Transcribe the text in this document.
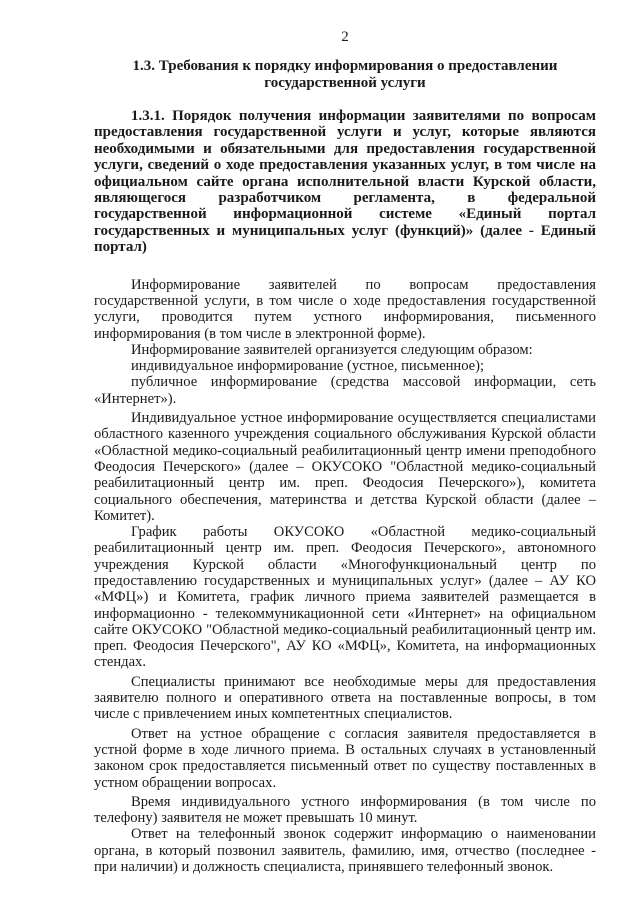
2
1.3. Требования к порядку информирования о предоставлении государственной услуги
1.3.1. Порядок получения информации заявителями по вопросам предоставления государственной услуги и услуг, которые являются необходимыми и обязательными для предоставления государственной услуги, сведений о ходе предоставления указанных услуг, в том числе на официальном сайте органа исполнительной власти Курской области, являющегося разработчиком регламента, в федеральной государственной информационной системе «Единый портал государственных и муниципальных услуг (функций)» (далее - Единый портал)

Информирование заявителей по вопросам предоставления государственной услуги, в том числе о ходе предоставления государственной услуги, проводится путем устного информирования, письменного информирования (в том числе в электронной форме).

Информирование заявителей организуется следующим образом:

индивидуальное информирование (устное, письменное);

публичное информирование (средства массовой информации, сеть «Интернет»).

Индивидуальное устное информирование осуществляется специалистами областного казенного учреждения социального обслуживания Курской области «Областной медико-социальный реабилитационный центр имени преподобного Феодосия Печерского» (далее – ОКУСОКО "Областной медико-социальный реабилитационный центр им. преп. Феодосия Печерского»), комитета социального обеспечения, материнства и детства Курской области (далее – Комитет).

График работы ОКУСОКО «Областной медико-социальный реабилитационный центр им. преп. Феодосия Печерского», автономного учреждения Курской области «Многофункциональный центр по предоставлению государственных и муниципальных услуг» (далее – АУ КО «МФЦ») и Комитета, график личного приема заявителей размещается в информационно - телекоммуникационной сети «Интернет» на официальном сайте ОКУСОКО "Областной медико-социальный реабилитационный центр им. преп. Феодосия Печерского", АУ КО «МФЦ», Комитета, на информационных стендах.

Специалисты принимают все необходимые меры для предоставления заявителю полного и оперативного ответа на поставленные вопросы, в том числе с привлечением иных компетентных специалистов.

Ответ на устное обращение с согласия заявителя предоставляется в устной форме в ходе личного приема. В остальных случаях в установленный законом срок предоставляется письменный ответ по существу поставленных в устном обращении вопросах.

Время индивидуального устного информирования (в том числе по телефону) заявителя не может превышать 10 минут.

Ответ на телефонный звонок содержит информацию о наименовании органа, в который позвонил заявитель, фамилию, имя, отчество (последнее - при наличии) и должность специалиста, принявшего телефонный звонок.
